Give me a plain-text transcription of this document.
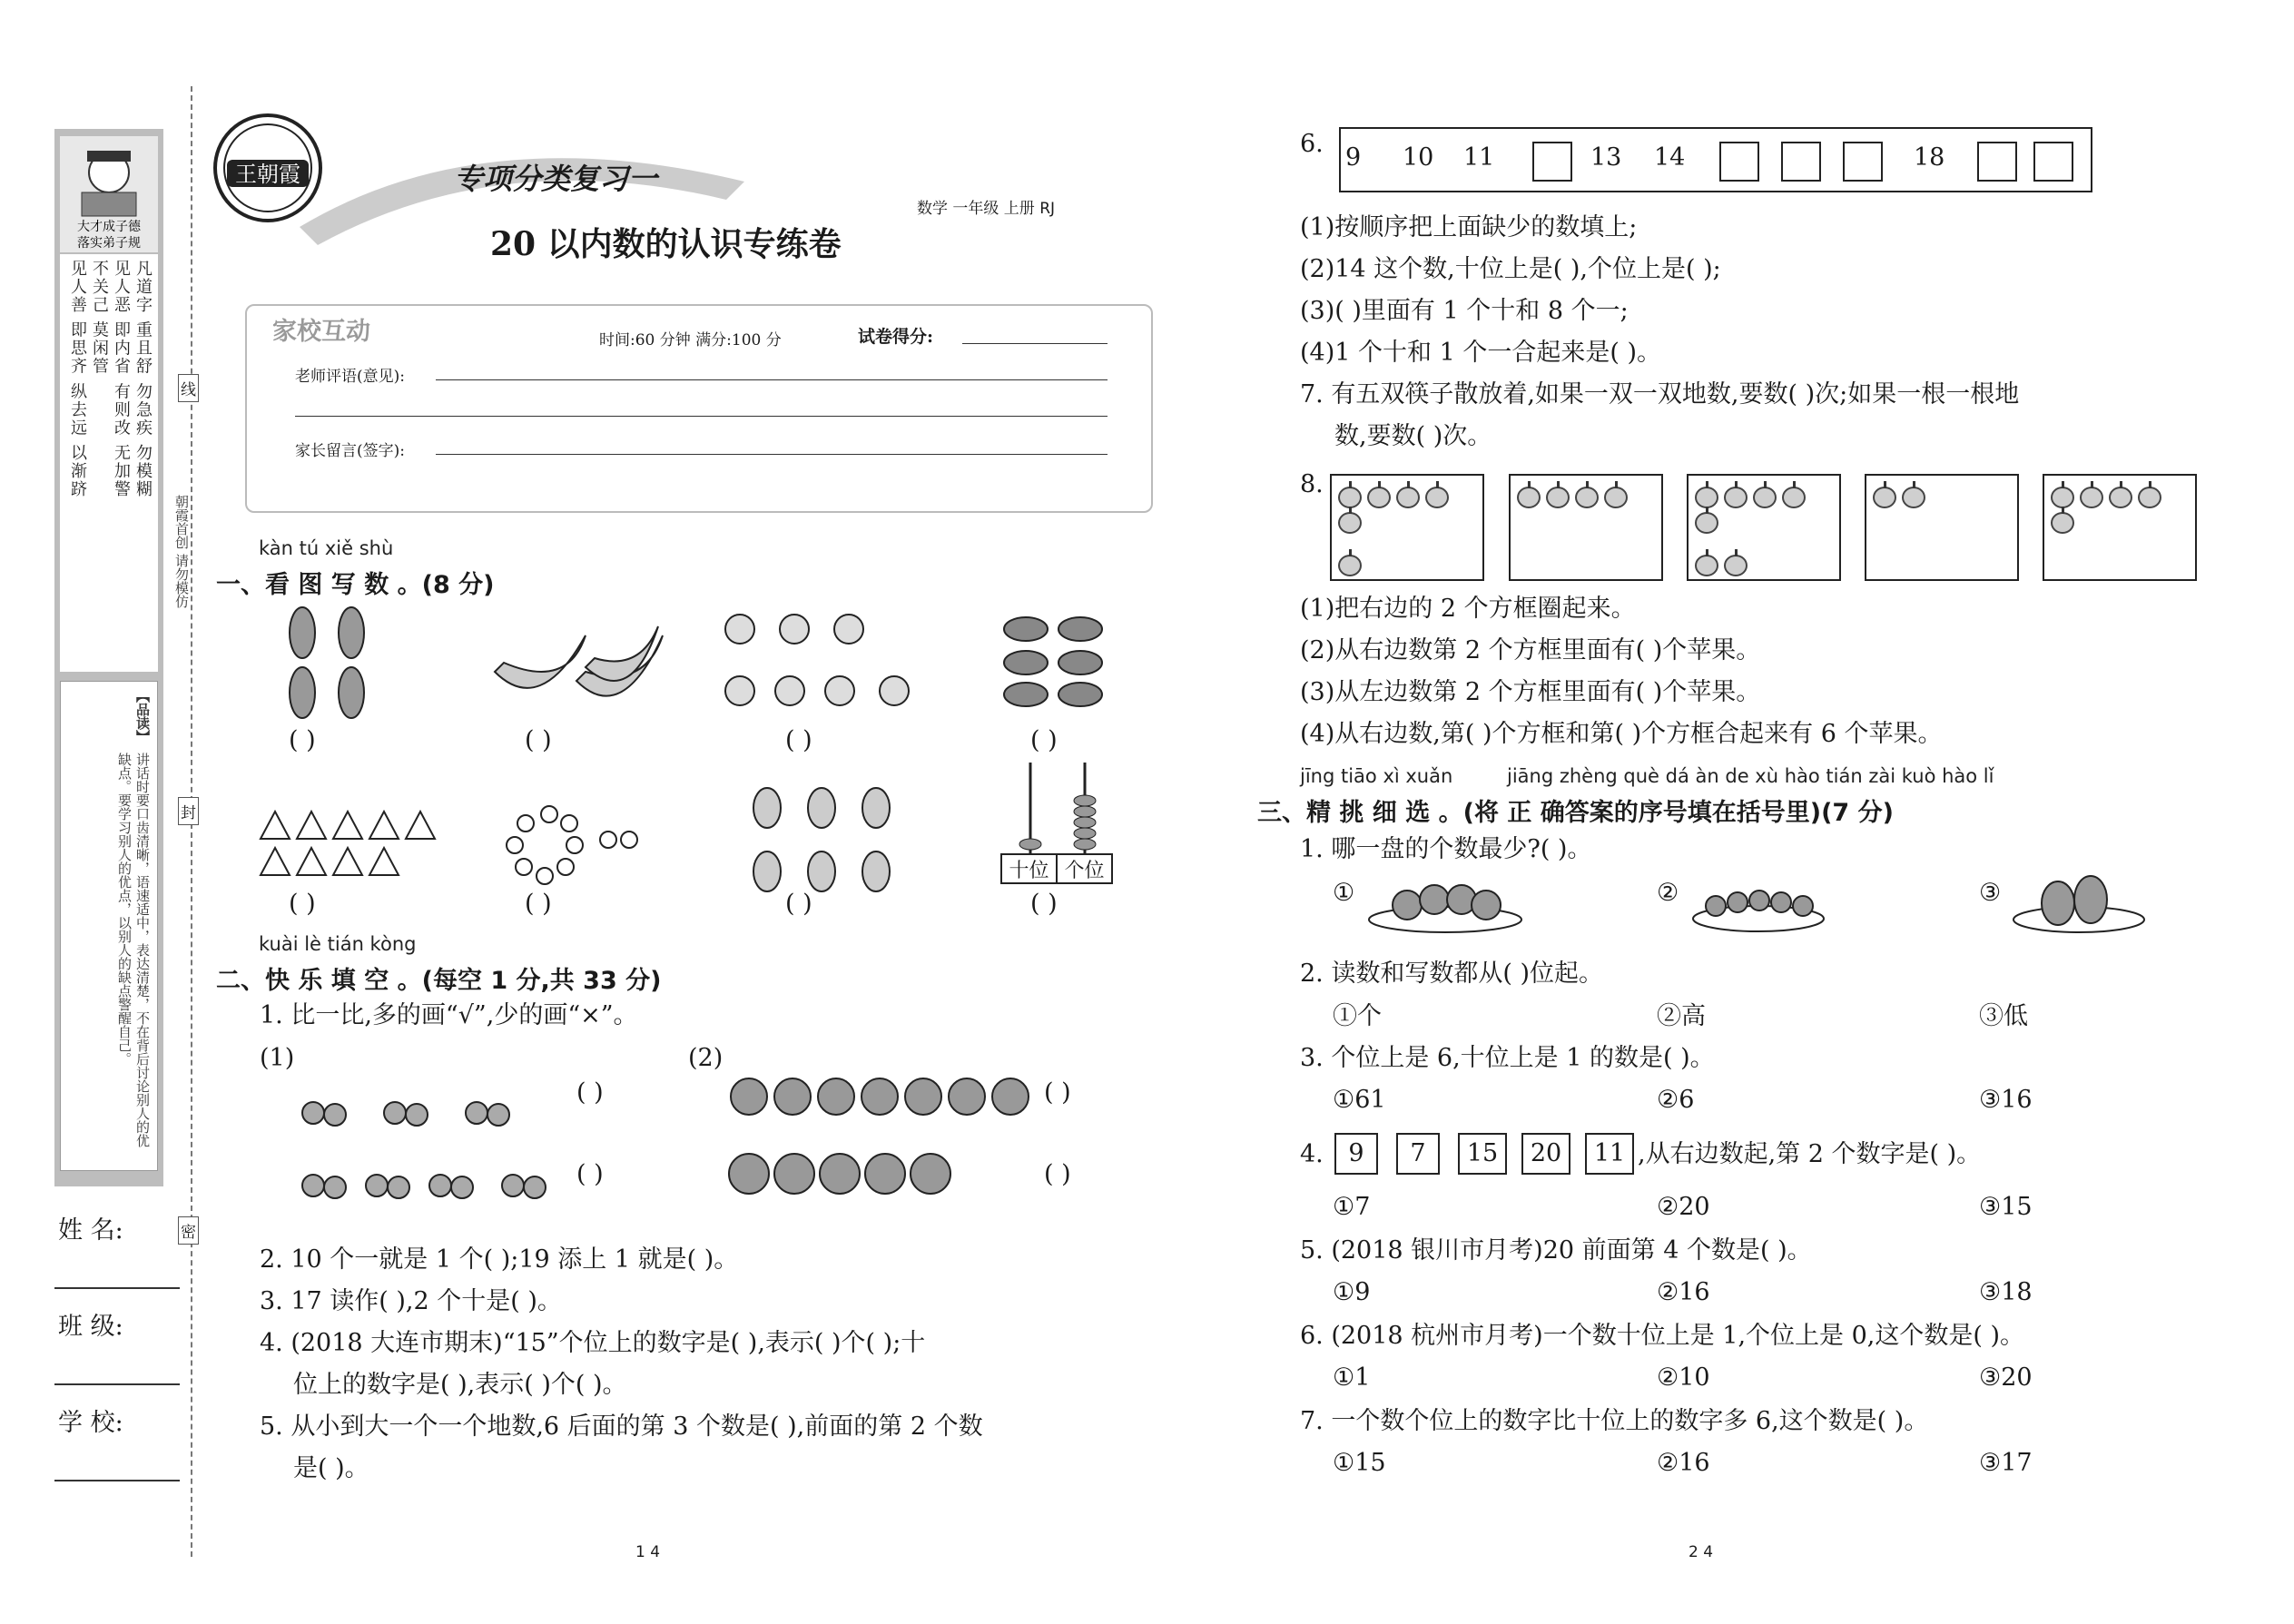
大才成子德
落实弟子规
凡道字 重且舒 勿急疾 勿模糊
见人恶 即内省 有则改 无加警
不关己 莫闲管
见人善 即思齐 纵去远 以渐跻
【品读】
讲话时要口齿清晰，语速适中，表达清楚，不在背后讨论别人的优缺点。要学习别人的优点，以别人的缺点警醒自己。
线
封
密
朝霞首创 请勿模仿
姓 名:
班 级:
学 校:
王朝霞	专项分类复习一
20 以内数的认识专练卷
数学 一年级 上册 RJ
家校互动	时间:60 分钟 满分:100 分	试卷得分:
老师评语(意见):
家长留言(签字):
kàn tú xiě shù
一、看 图 写 数 。(8 分)
( )	( )	( )	( )
十位 个位
( )	( )	( )	( )
kuài lè tián kòng
二、快 乐 填 空 。(每空 1 分,共 33 分)
1. 比一比,多的画“√”,少的画“×”。
(1)	(2)
( )
( )
( )
( )
2. 10 个一就是 1 个( );19 添上 1 就是( )。
3. 17 读作( ),2 个十是( )。
4. (2018 大连市期末)“15”个位上的数字是( ),表示( )个( );十
位上的数字是( ),表示( )个( )。
5. 从小到大一个一个地数,6 后面的第 3 个数是( ),前面的第 2 个数
是( )。
1 4
6. 9 10 11	13 14	18
(1)按顺序把上面缺少的数填上;
(2)14 这个数,十位上是( ),个位上是( );
(3)( )里面有 1 个十和 8 个一;
(4)1 个十和 1 个一合起来是( )。
7. 有五双筷子散放着,如果一双一双地数,要数( )次;如果一根一根地
数,要数( )次。
8.

(1)把右边的 2 个方框圈起来。
(2)从右边数第 2 个方框里面有( )个苹果。
(3)从左边数第 2 个方框里面有( )个苹果。
(4)从右边数,第( )个方框和第( )个方框合起来有 6 个苹果。
jīng tiāo xì xuǎn	jiāng zhèng què dá àn de xù hào tián zài kuò hào lǐ
三、精 挑 细 选 。(将 正 确答案的序号填在括号里)(7 分)
1. 哪一盘的个数最少?( )。
①	②	③
2. 读数和写数都从( )位起。
①个	②高	③低
3. 个位上是 6,十位上是 1 的数是( )。
①61	②6	③16
4.	9	7	15	20	11 ,从右边数起,第 2 个数字是( )。
①7	②20	③15
5. (2018 银川市月考)20 前面第 4 个数是( )。
①9	②16	③18
6. (2018 杭州市月考)一个数十位上是 1,个位上是 0,这个数是( )。
①1	②10	③20
7. 一个数个位上的数字比十位上的数字多 6,这个数是( )。
①15	②16	③17
2 4
